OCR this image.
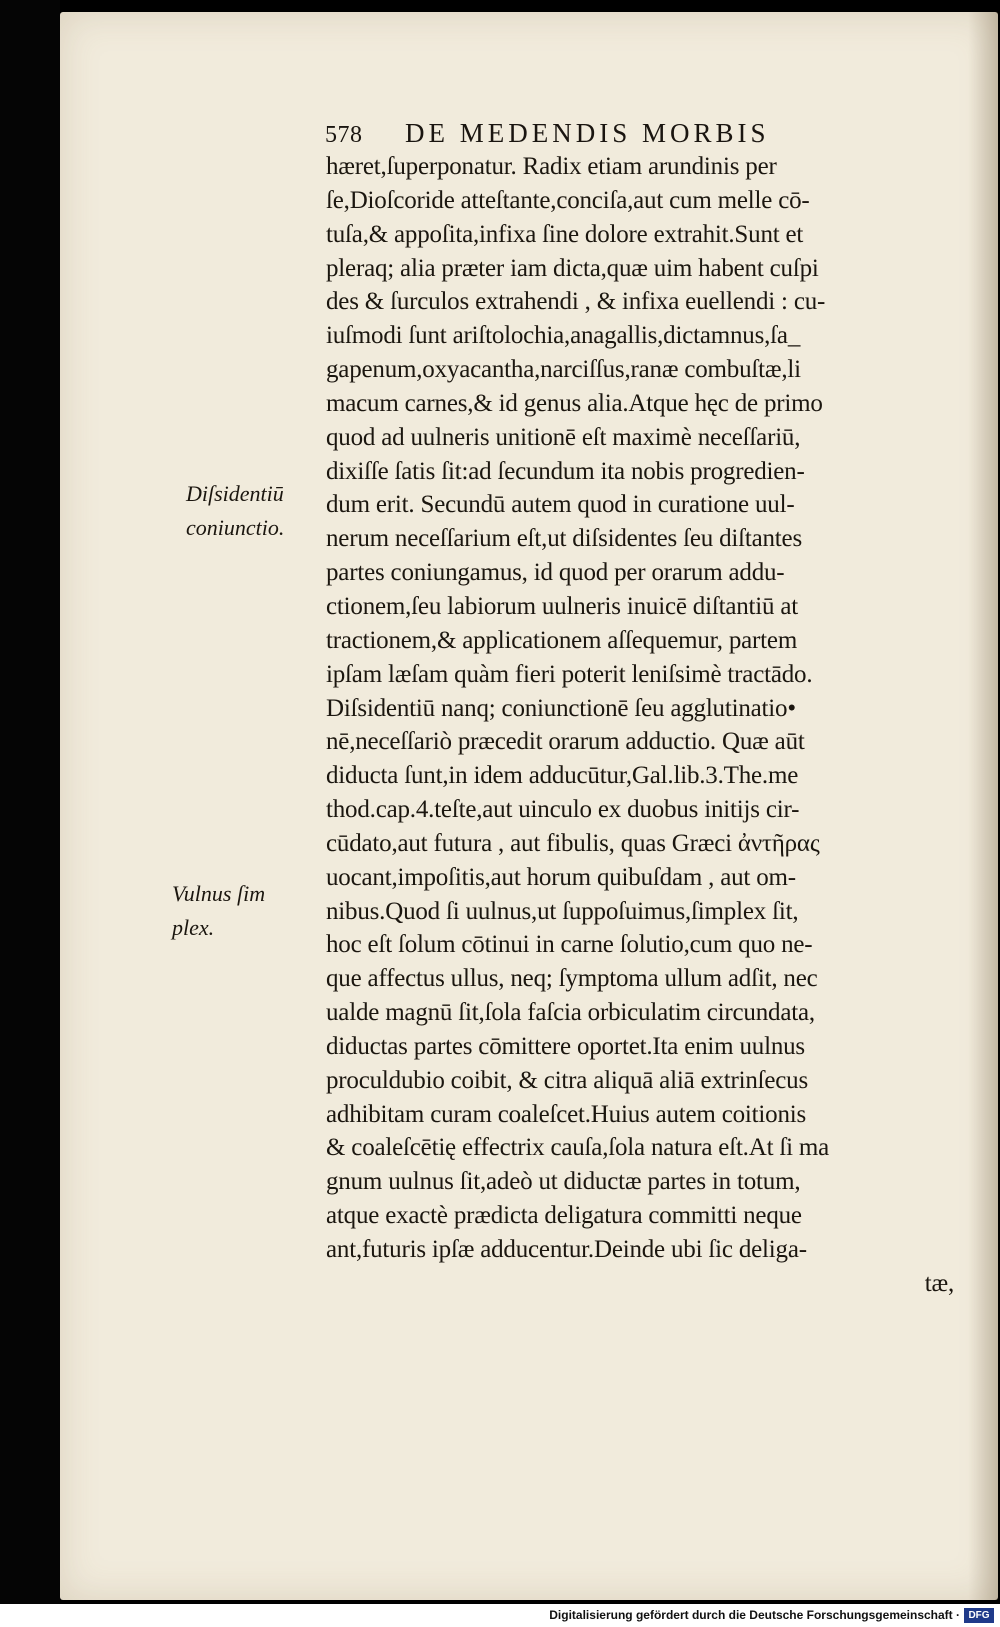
578	DE MEDENDIS MORBIS
Diſsidentiū
coniunctio.
Vulnus ſim
plex.
hæret,ſuperponatur. Radix etiam arundinis per
ſe,Dioſcoride atteſtante,conciſa,aut cum melle cō-
tuſa,& appoſita,infixa ſine dolore extrahit.Sunt et
pleraq; alia præter iam dicta,quæ uim habent cuſpi
des & ſurculos extrahendi , & infixa euellendi : cu-
iuſmodi ſunt ariſtolochia,anagallis,dictamnus,ſa_
gapenum,oxyacantha,narciſſus,ranæ combuſtæ,li
macum carnes,& id genus alia.Atque hęc de primo
quod ad uulneris unitionē eſt maximè neceſſariū,
dixiſſe ſatis ſit:ad ſecundum ita nobis progredien-
dum erit. Secundū autem quod in curatione uul-
nerum neceſſarium eſt,ut diſsidentes ſeu diſtantes
partes coniungamus, id quod per orarum addu-
ctionem,ſeu labiorum uulneris inuicē diſtantiū at
tractionem,& applicationem aſſequemur, partem
ipſam læſam quàm fieri poterit leniſsimè tractādo.
Diſsidentiū nanq; coniunctionē ſeu agglutinatio•
nē,neceſſariò præcedit orarum adductio. Quæ aūt
diducta ſunt,in idem adducūtur,Gal.lib.3.The.me
thod.cap.4.teſte,aut uinculo ex duobus initijs cir-
cūdato,aut futura , aut fibulis, quas Græci ἀντῆρας
uocant,impoſitis,aut horum quibuſdam , aut om-
nibus.Quod ſi uulnus,ut ſuppoſuimus,ſimplex ſit,
hoc eſt ſolum cōtinui in carne ſolutio,cum quo ne-
que affectus ullus, neq; ſymptoma ullum adſit, nec
ualde magnū ſit,ſola faſcia orbiculatim circundata,
diductas partes cōmittere oportet.Ita enim uulnus
proculdubio coibit, & citra aliquā aliā extrinſecus
adhibitam curam coaleſcet.Huius autem coitionis
& coaleſcētię effectrix cauſa,ſola natura eſt.At ſi ma
gnum uulnus ſit,adeò ut diductæ partes in totum,
atque exactè prædicta deligatura committi neque
ant,futuris ipſæ adducentur.Deinde ubi ſic deliga-
tæ,
Digitalisierung gefördert durch die Deutsche Forschungsgemeinschaft · DFG
